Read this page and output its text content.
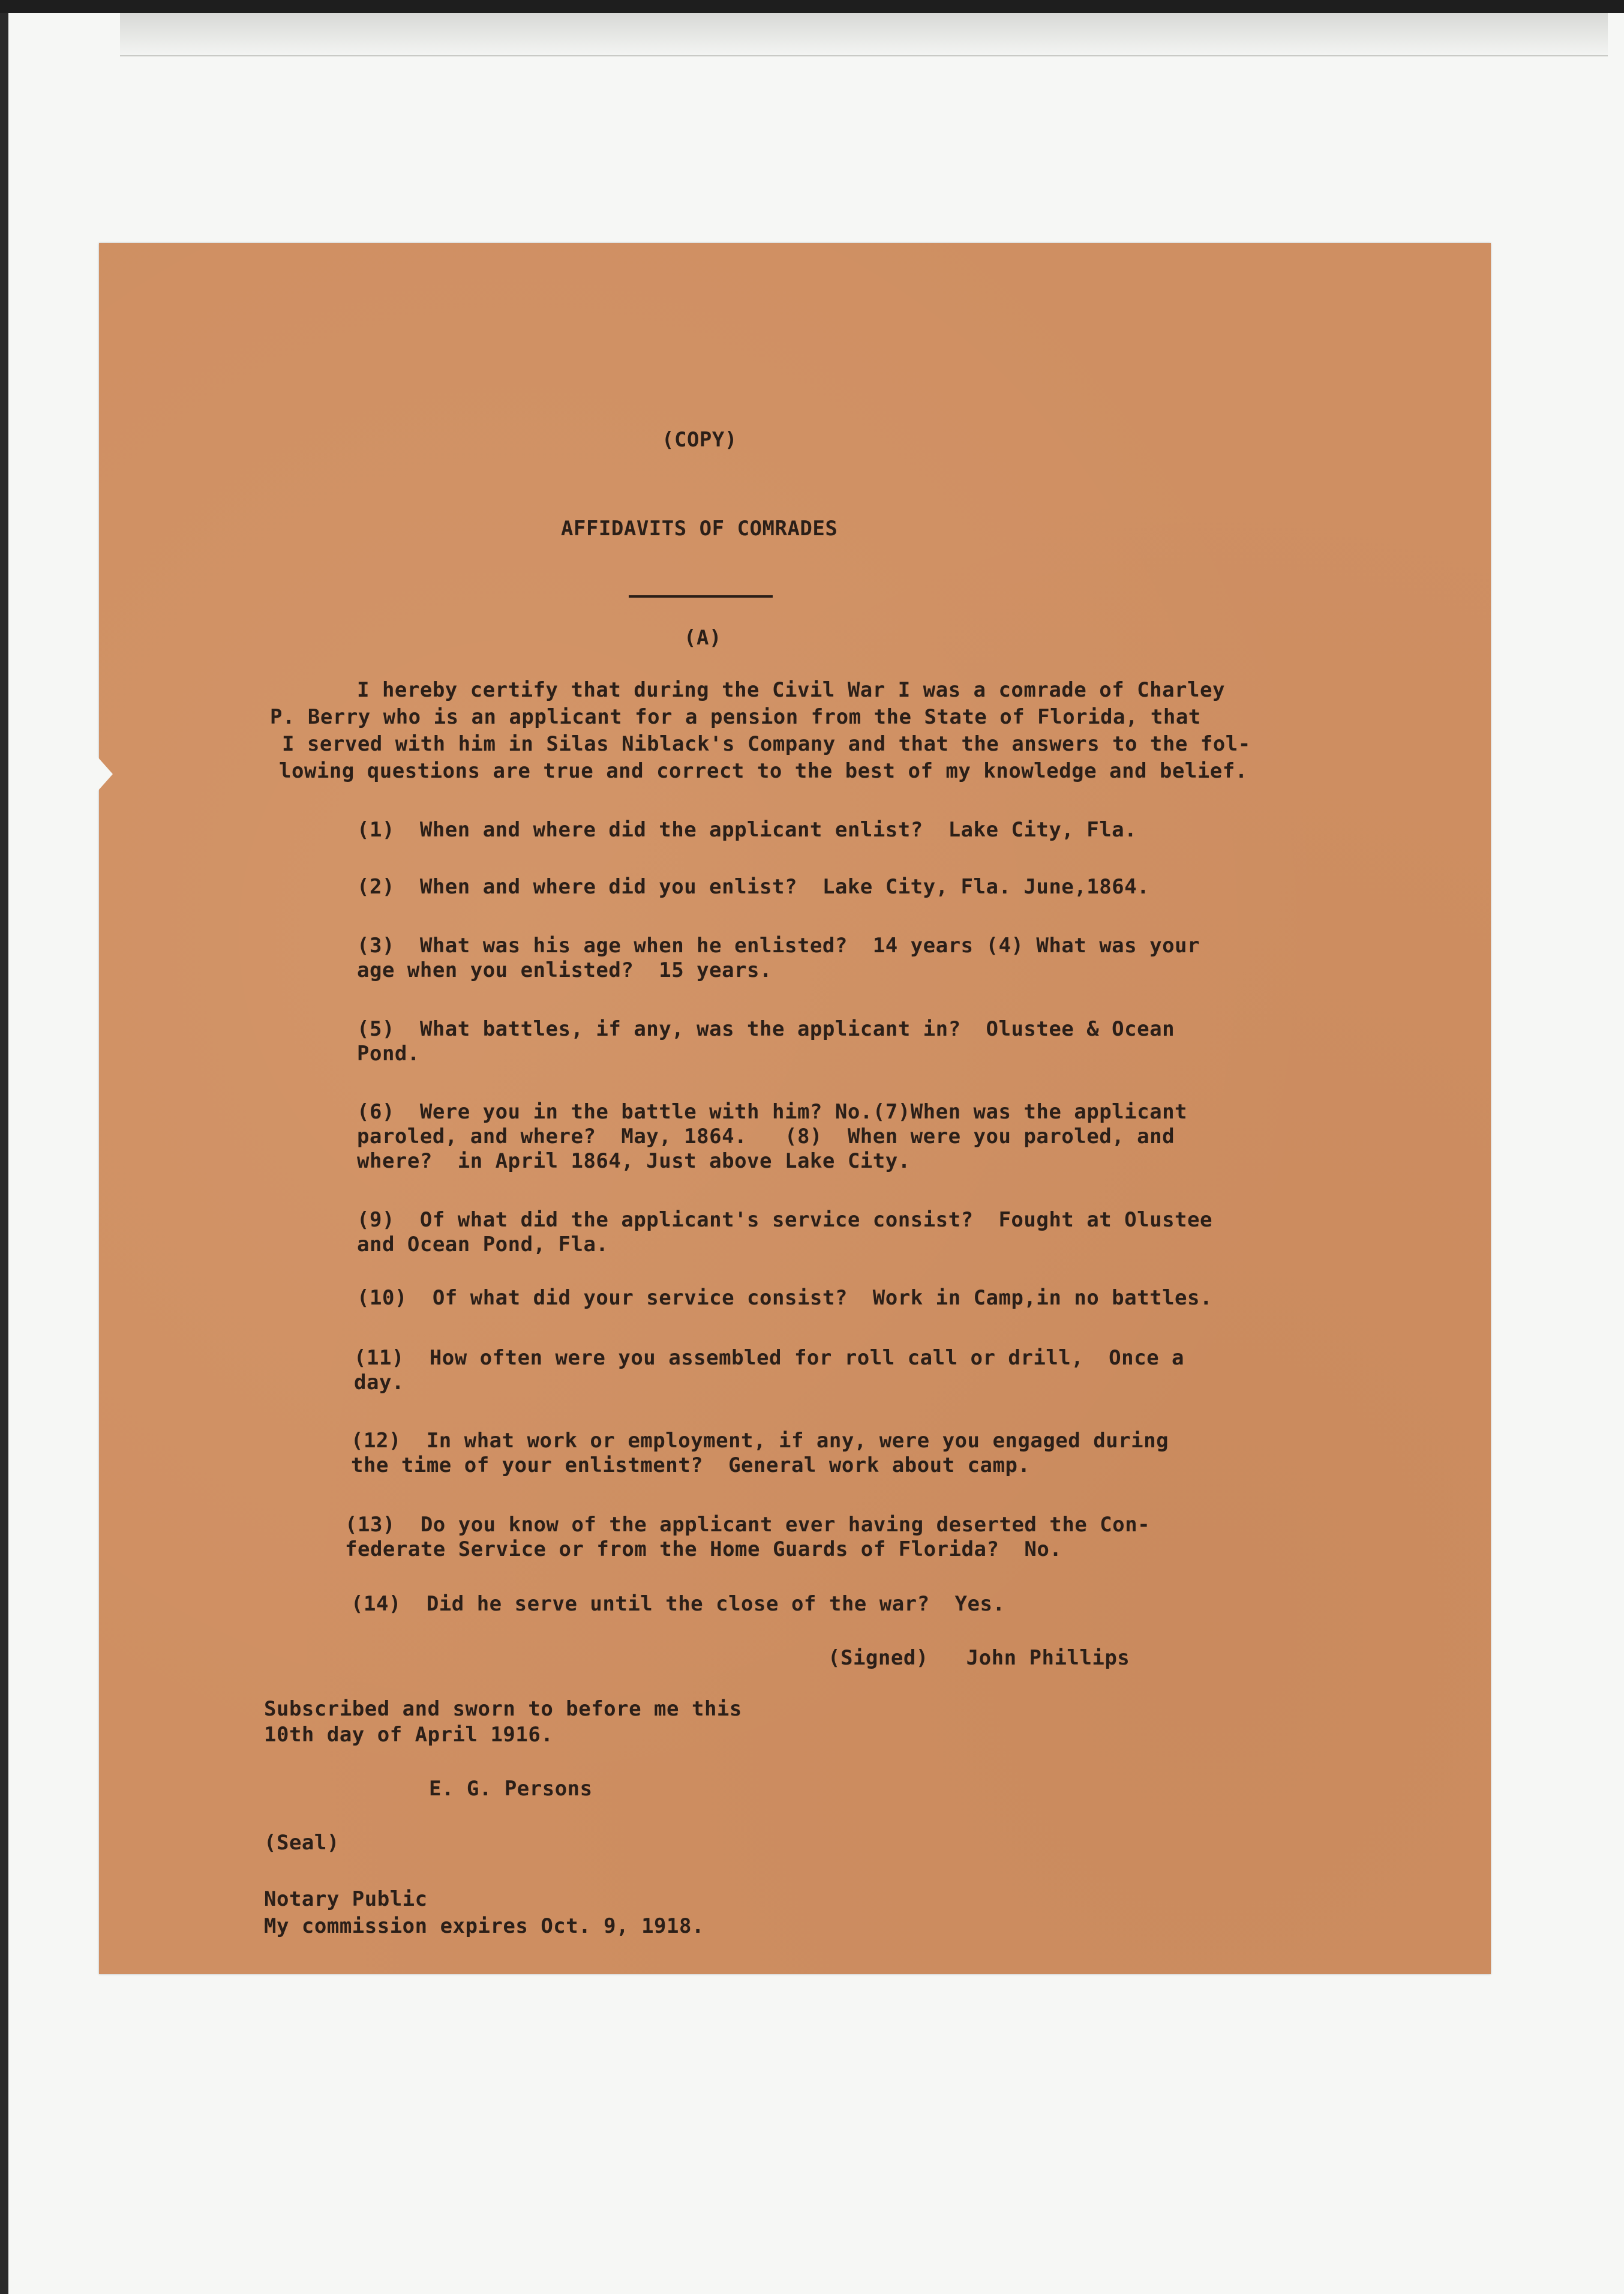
(COPY)

AFFIDAVITS OF COMRADES

(A)

I hereby certify that during the Civil War I was a comrade of Charley

P. Berry who is an applicant for a pension from the State of Florida, that

I served with him in Silas Niblack's Company and that the answers to the fol-

lowing questions are true and correct to the best of my knowledge and belief.

(1)  When and where did the applicant enlist?  Lake City, Fla.

(2)  When and where did you enlist?  Lake City, Fla. June,1864.

(3)  What was his age when he enlisted?  14 years (4) What was your

age when you enlisted?  15 years.

(5)  What battles, if any, was the applicant in?  Olustee & Ocean

Pond.

(6)  Were you in the battle with him? No.(7)When was the applicant

paroled, and where?  May, 1864.   (8)  When were you paroled, and

where?  in April 1864, Just above Lake City.

(9)  Of what did the applicant's service consist?  Fought at Olustee

and Ocean Pond, Fla.

(10)  Of what did your service consist?  Work in Camp,in no battles.

(11)  How often were you assembled for roll call or drill,  Once a

day.

(12)  In what work or employment, if any, were you engaged during

the time of your enlistment?  General work about camp.

(13)  Do you know of the applicant ever having deserted the Con-

federate Service or from the Home Guards of Florida?  No.

(14)  Did he serve until the close of the war?  Yes.

(Signed)   John Phillips

Subscribed and sworn to before me this

10th day of April 1916.

E. G. Persons

(Seal)

Notary Public

My commission expires Oct. 9, 1918.
